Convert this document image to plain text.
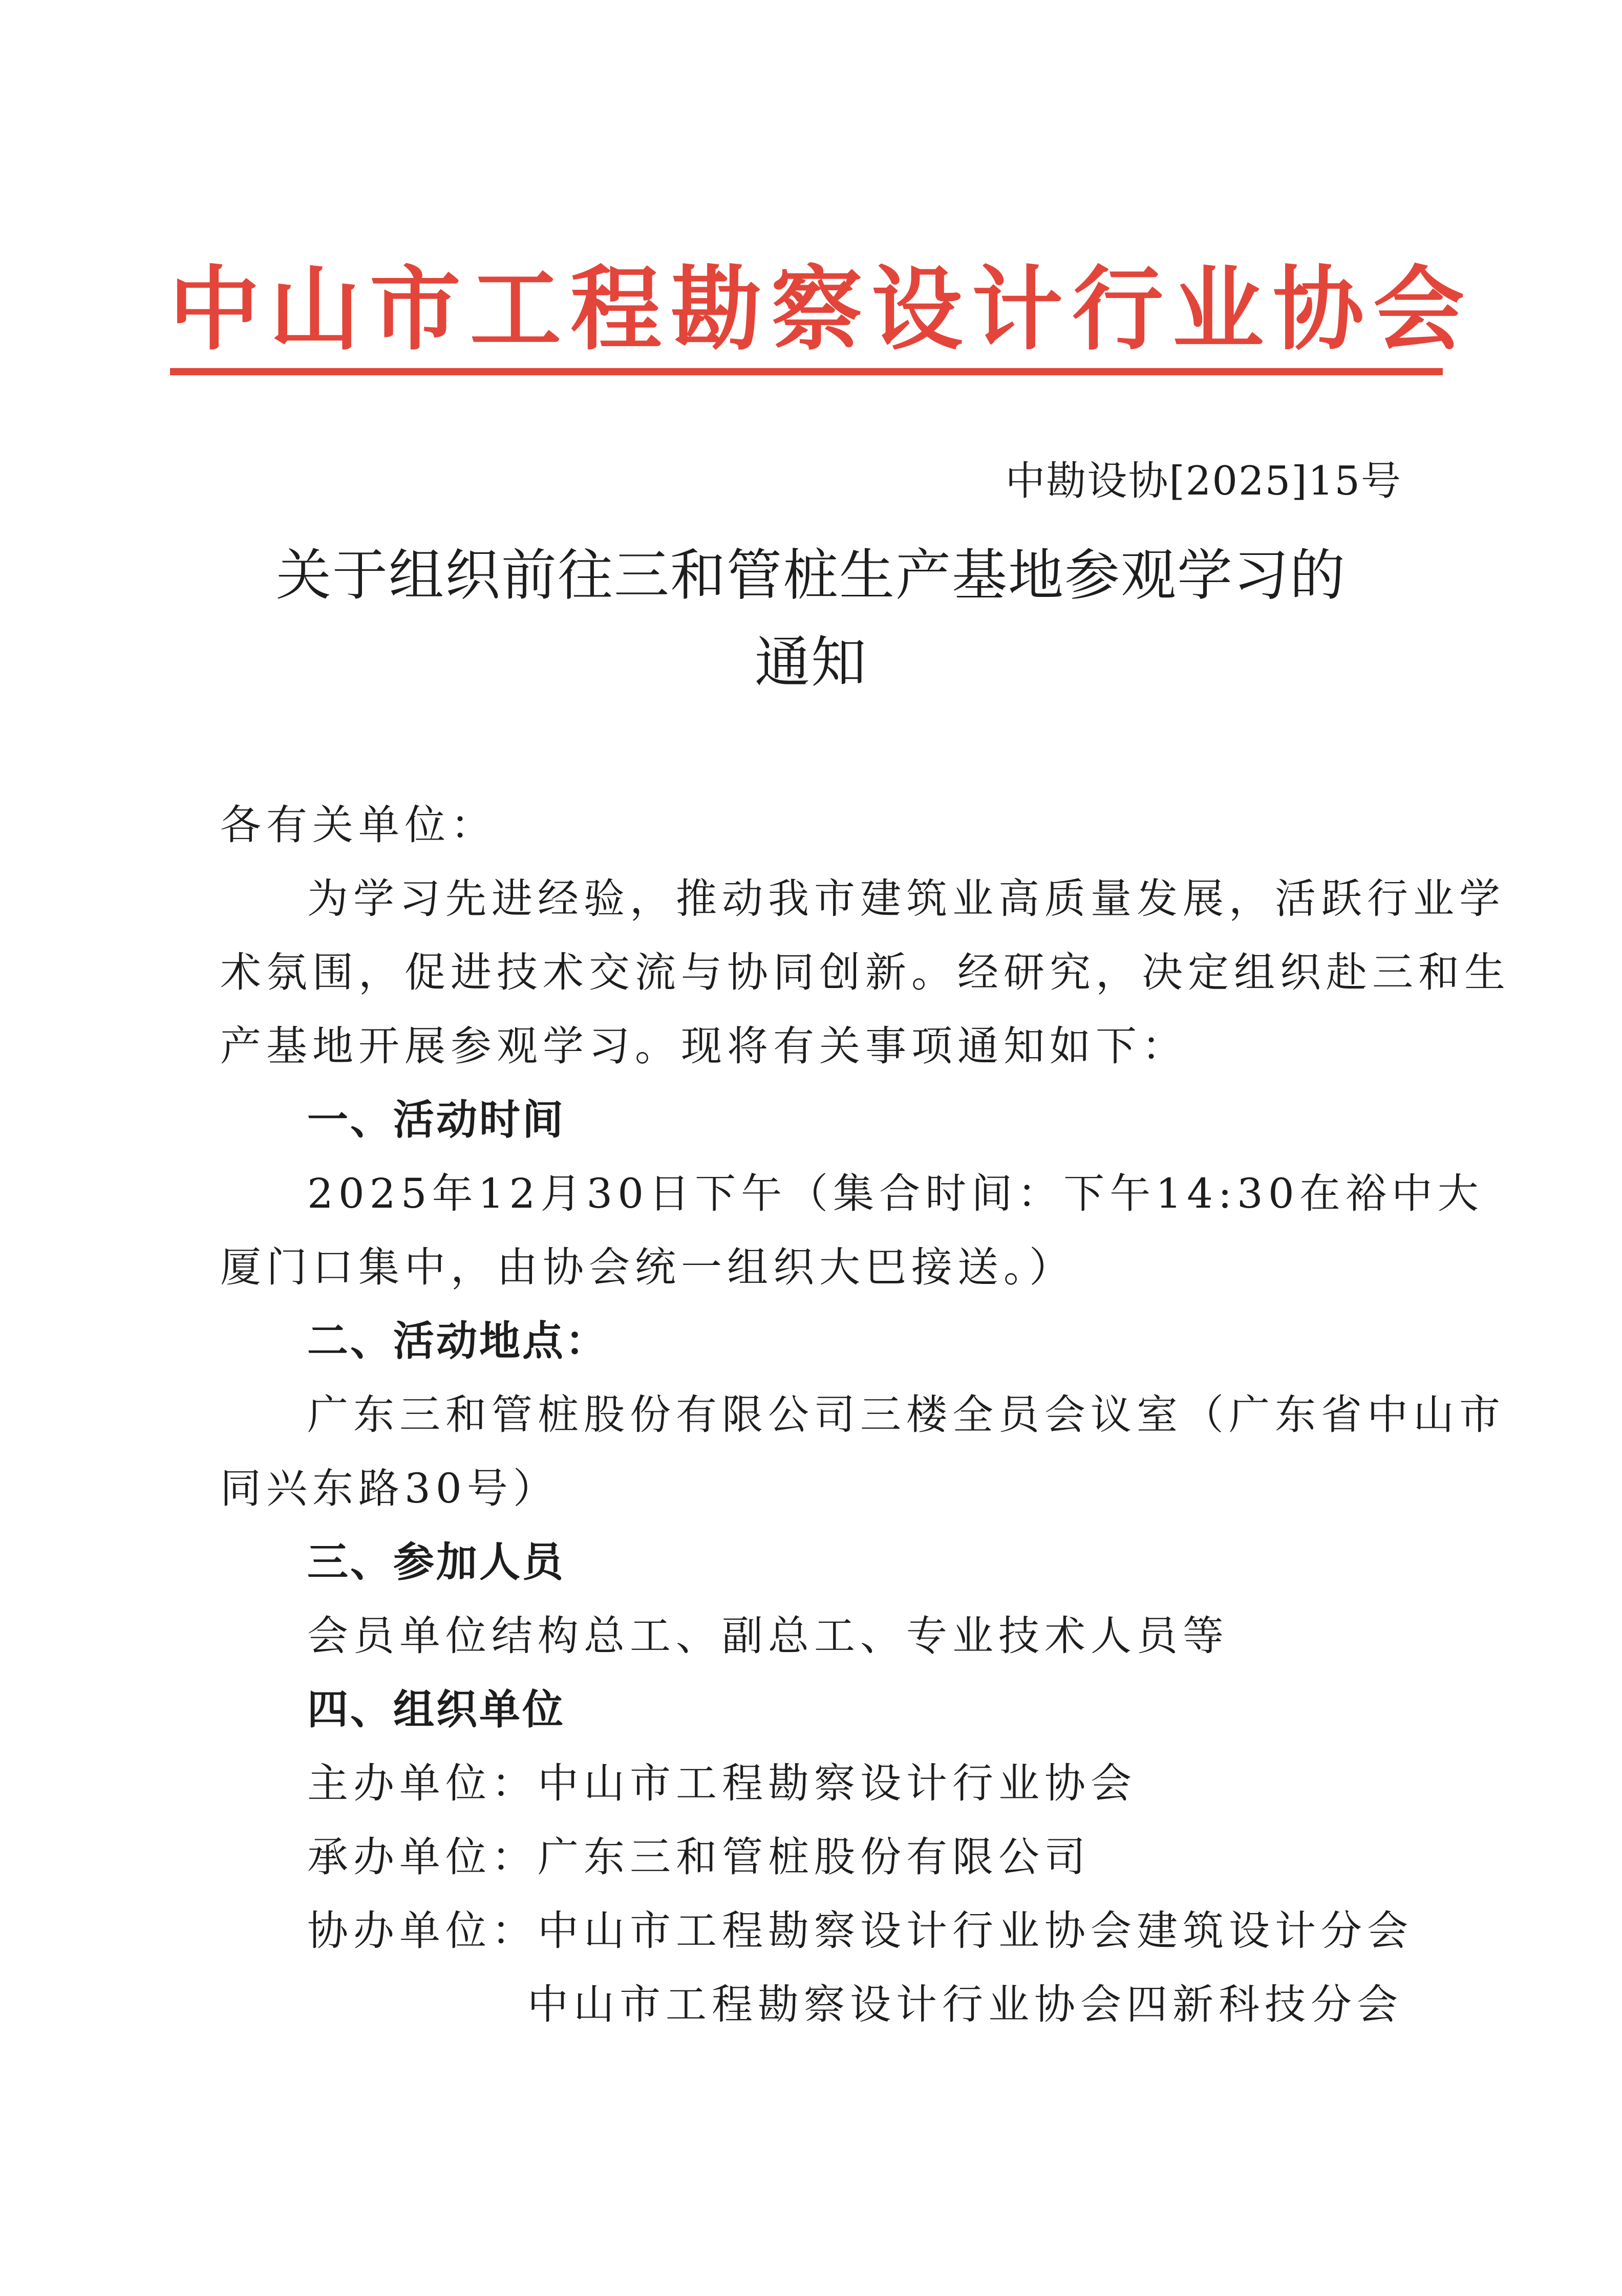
中山市工程勘察设计行业协会
中勘设协[2025]15号
关于组织前往三和管桩生产基地参观学习的
通知
各有关单位：
为学习先进经验，推动我市建筑业高质量发展，活跃行业学
术氛围，促进技术交流与协同创新。经研究，决定组织赴三和生
产基地开展参观学习。现将有关事项通知如下：
一、活动时间
2025年12月30日下午（集合时间：下午14:30在裕中大
厦门口集中，由协会统一组织大巴接送。）
二、活动地点：
广东三和管桩股份有限公司三楼全员会议室（广东省中山市
同兴东路30号）
三、参加人员
会员单位结构总工、副总工、专业技术人员等
四、组织单位
主办单位：中山市工程勘察设计行业协会
承办单位：广东三和管桩股份有限公司
协办单位：中山市工程勘察设计行业协会建筑设计分会
中山市工程勘察设计行业协会四新科技分会
